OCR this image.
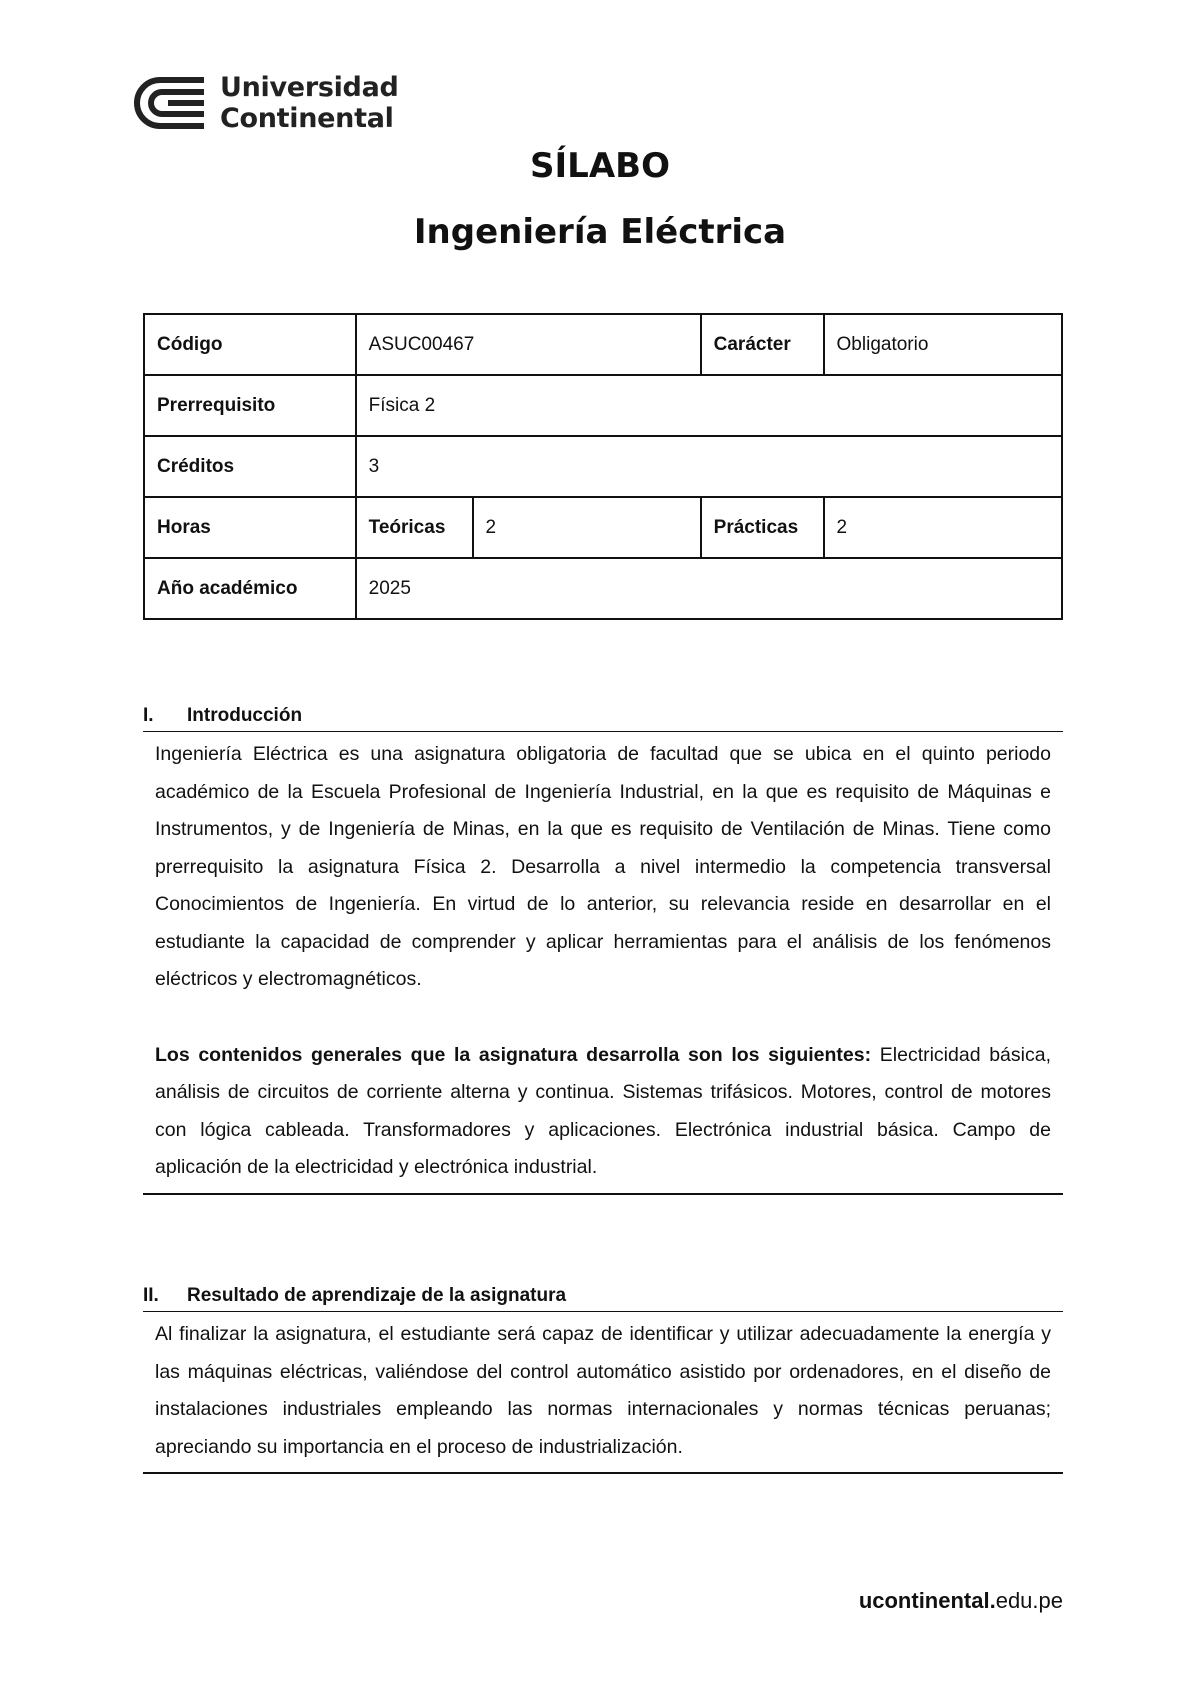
Universidad
Continental
SÍLABO
Ingeniería Eléctrica
Código	ASUC00467		Carácter	Obligatorio
Prerrequisito	Física 2			
Créditos	3			
Horas	Teóricas	2	Prácticas	2
Año académico	2025			
I. Introducción

Ingeniería Eléctrica es una asignatura obligatoria de facultad que se ubica en el quinto periodo académico de la Escuela Profesional de Ingeniería Industrial, en la que es requisito de Máquinas e Instrumentos, y de Ingeniería de Minas, en la que es requisito de Ventilación de Minas. Tiene como prerrequisito la asignatura Física 2. Desarrolla a nivel intermedio la competencia transversal Conocimientos de Ingeniería. En virtud de lo anterior, su relevancia reside en desarrollar en el estudiante la capacidad de comprender y aplicar herramientas para el análisis de los fenómenos eléctricos y electromagnéticos.

Los contenidos generales que la asignatura desarrolla son los siguientes: Electricidad básica, análisis de circuitos de corriente alterna y continua. Sistemas trifásicos. Motores, control de motores con lógica cableada. Transformadores y aplicaciones. Electrónica industrial básica. Campo de aplicación de la electricidad y electrónica industrial.

II. Resultado de aprendizaje de la asignatura

Al finalizar la asignatura, el estudiante será capaz de identificar y utilizar adecuadamente la energía y las máquinas eléctricas, valiéndose del control automático asistido por ordenadores, en el diseño de instalaciones industriales empleando las normas internacionales y normas técnicas peruanas; apreciando su importancia en el proceso de industrialización.

ucontinental.edu.pe
